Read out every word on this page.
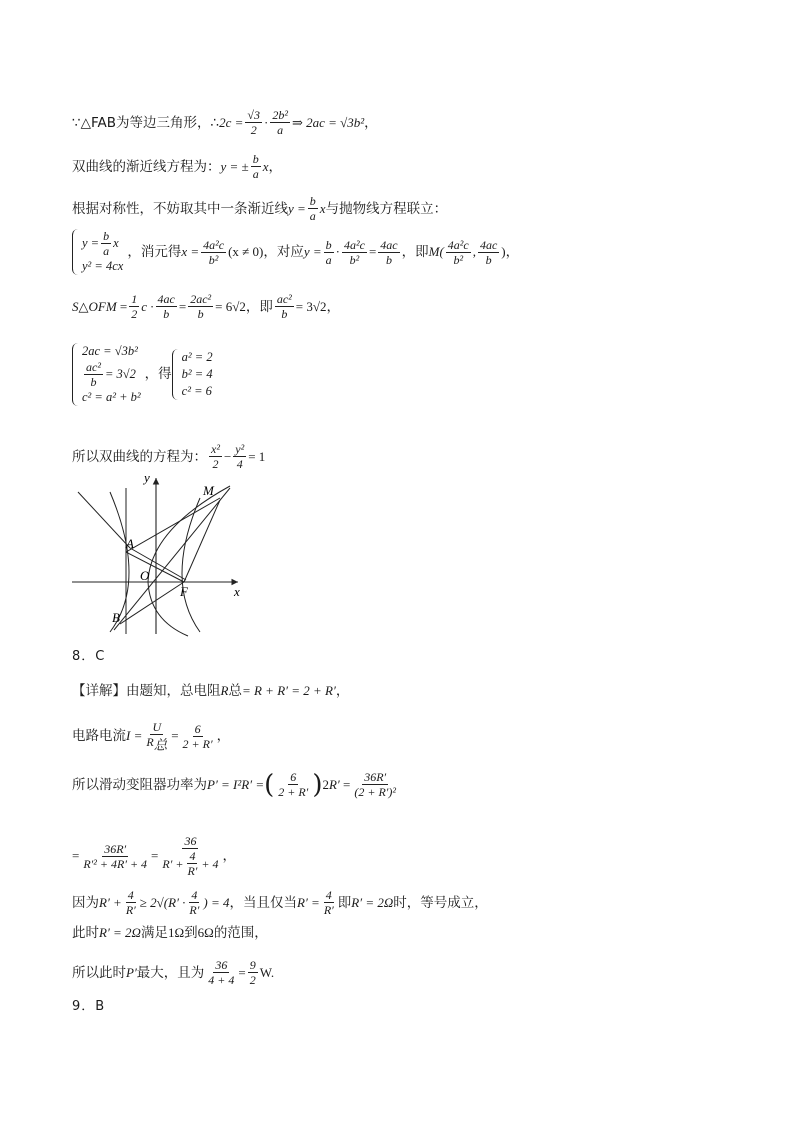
∵△FAB为等边三角形，∴ $2c = \frac{√3}{2} \cdot \frac{\text{2b²}}{a}$ ⇒ 2ac = √3b² ，
双曲线的渐近线方程为： y = ± $\frac{b}{a}$ x ，
根据对称性，不妨取其中一条渐近线 $y = \frac{b}{a}$ x 与抛物线方程联立：
$y = \frac{b}{a}$ x
y² = 4cx
，消元得 $x = \frac{\text{4a²c}}{\text{b²}} (x \ne 0)$ ，对应 $y = \frac{b}{a} \cdot \frac{\text{4a²c}}{\text{b²}} = \frac{4ac}{b}$ ，即 $M( \frac{\text{4a²c}}{\text{b²}}$ , $\frac{4ac}{b}$ ) ，
S △OFM = $\frac{1}{2}$ $c \cdot \frac{4ac}{b} = \frac{\text{2ac²}}{b} = 6√2$ ，即 $\frac{\text{ac²}}{b} = 3√2$ ，
2ac = √3b²
$\frac{\text{ac²}}{b} = 3√2$
c² = a² + b²
，得
a² = 2
b² = 4
c² = 6
所以双曲线的方程为： $\frac{\text{x²}}{2} - \frac{\text{y²}}{4} = 1$
x
y
M
A
O
F
B
8．C
【详解】由题知，总电阻 R 总 = R + R′ = 2 + R′ ，
电路电流 $I = \frac{U}{R_总} = \frac{6}{2 + R'}$ ，
所以滑动变阻器功率为 P′ = I²R′ = ( $\frac{6}{2 + R'}$ ) 2 $R' = \frac{36R'}{\text{(2 + R′)²}}$
= $\frac{36R'}{\text{R′² + 4R′ + 4}} = \frac{36}{R' + \frac{4}{R'} + 4}$ ，
因为 $R' + \frac{4}{R'} \ge 2√(R' \cdot \frac{4}{R'}$ ) = 4 ，当且仅当 $R' = \frac{4}{R'}$ 即 R′ = 2Ω 时，等号成立，
此时 R′ = 2Ω 满足 1Ω 到 6Ω 的范围，
所以此时 P′ 最大，且为 $\frac{36}{4 + 4} = \frac{9}{2} W$.
9．B
